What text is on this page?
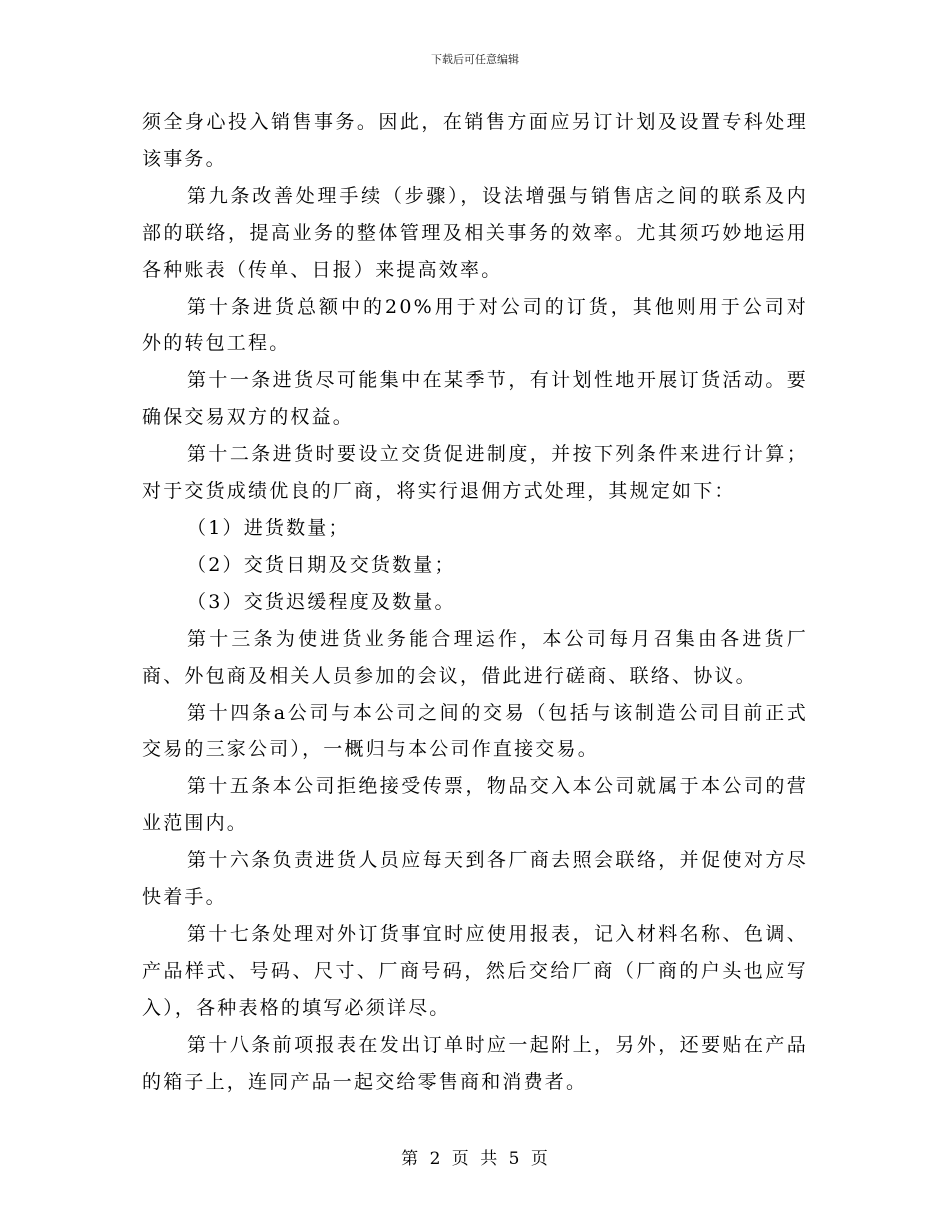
下载后可任意编辑

须全身心投入销售事务。因此，在销售方面应另订计划及设置专科处理该事务。

第九条改善处理手续（步骤），设法增强与销售店之间的联系及内部的联络，提高业务的整体管理及相关事务的效率。尤其须巧妙地运用各种账表（传单、日报）来提高效率。

第十条进货总额中的20%用于对公司的订货，其他则用于公司对外的转包工程。

第十一条进货尽可能集中在某季节，有计划性地开展订货活动。要确保交易双方的权益。

第十二条进货时要设立交货促进制度，并按下列条件来进行计算；对于交货成绩优良的厂商，将实行退佣方式处理，其规定如下：

（1）进货数量；

（2）交货日期及交货数量；

（3）交货迟缓程度及数量。

第十三条为使进货业务能合理运作，本公司每月召集由各进货厂商、外包商及相关人员参加的会议，借此进行磋商、联络、协议。

第十四条a公司与本公司之间的交易（包括与该制造公司目前正式交易的三家公司），一概归与本公司作直接交易。

第十五条本公司拒绝接受传票，物品交入本公司就属于本公司的营业范围内。

第十六条负责进货人员应每天到各厂商去照会联络，并促使对方尽快着手。

第十七条处理对外订货事宜时应使用报表，记入材料名称、色调、产品样式、号码、尺寸、厂商号码，然后交给厂商（厂商的户头也应写入），各种表格的填写必须详尽。

第十八条前项报表在发出订单时应一起附上，另外，还要贴在产品的箱子上，连同产品一起交给零售商和消费者。

第 2 页 共 5 页
